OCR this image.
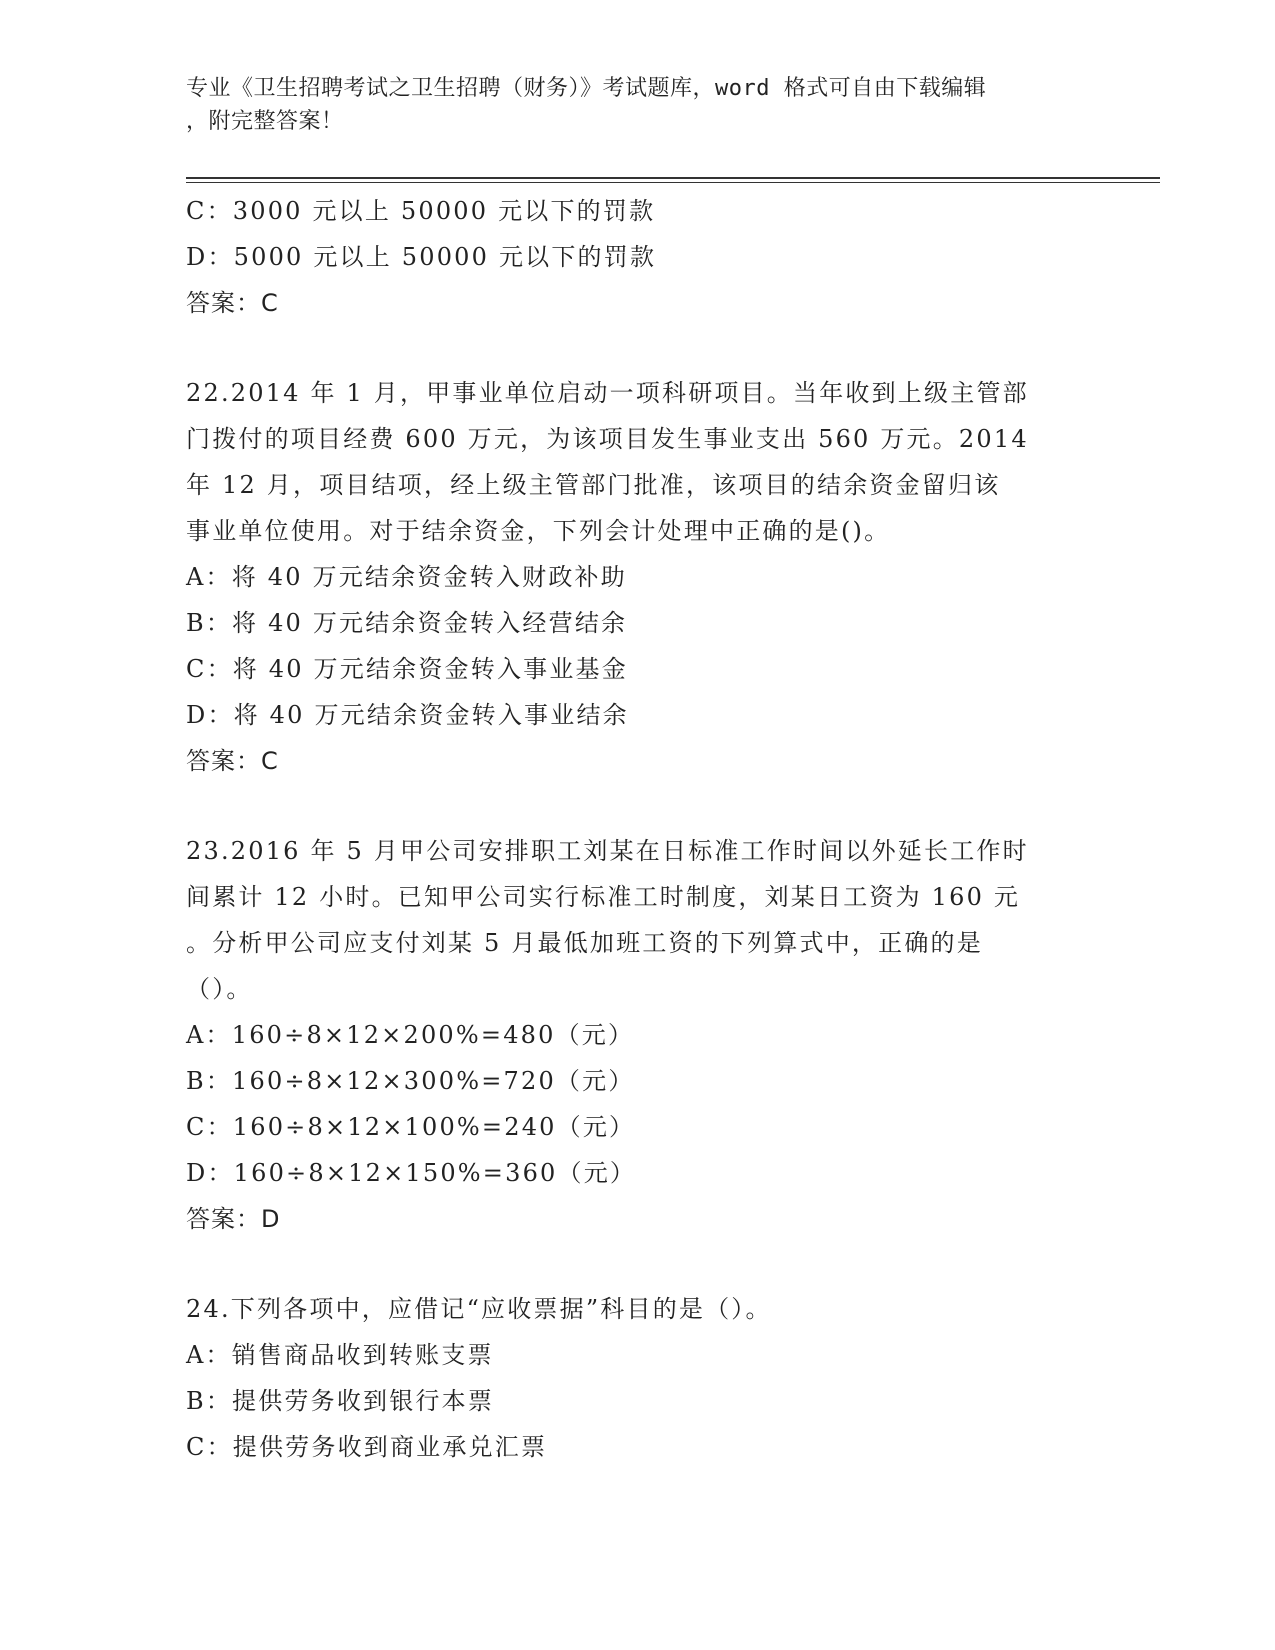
专业《卫生招聘考试之卫生招聘（财务）》考试题库，word 格式可自由下载编辑
，附完整答案！
C：3000 元以上 50000 元以下的罚款
D：5000 元以上 50000 元以下的罚款
答案：C
22.2014 年 1 月，甲事业单位启动一项科研项目。当年收到上级主管部
门拨付的项目经费 600 万元，为该项目发生事业支出 560 万元。2014
年 12 月，项目结项，经上级主管部门批准，该项目的结余资金留归该
事业单位使用。对于结余资金，下列会计处理中正确的是()。
A：将 40 万元结余资金转入财政补助
B：将 40 万元结余资金转入经营结余
C：将 40 万元结余资金转入事业基金
D：将 40 万元结余资金转入事业结余
答案：C
23.2016 年 5 月甲公司安排职工刘某在日标准工作时间以外延长工作时
间累计 12 小时。已知甲公司实行标准工时制度，刘某日工资为 160 元
。分析甲公司应支付刘某 5 月最低加班工资的下列算式中，正确的是
（）。
A：160÷8×12×200%=480（元）
B：160÷8×12×300%=720（元）
C：160÷8×12×100%=240（元）
D：160÷8×12×150%=360（元）
答案：D
24.下列各项中，应借记“应收票据”科目的是（）。
A：销售商品收到转账支票
B：提供劳务收到银行本票
C：提供劳务收到商业承兑汇票
